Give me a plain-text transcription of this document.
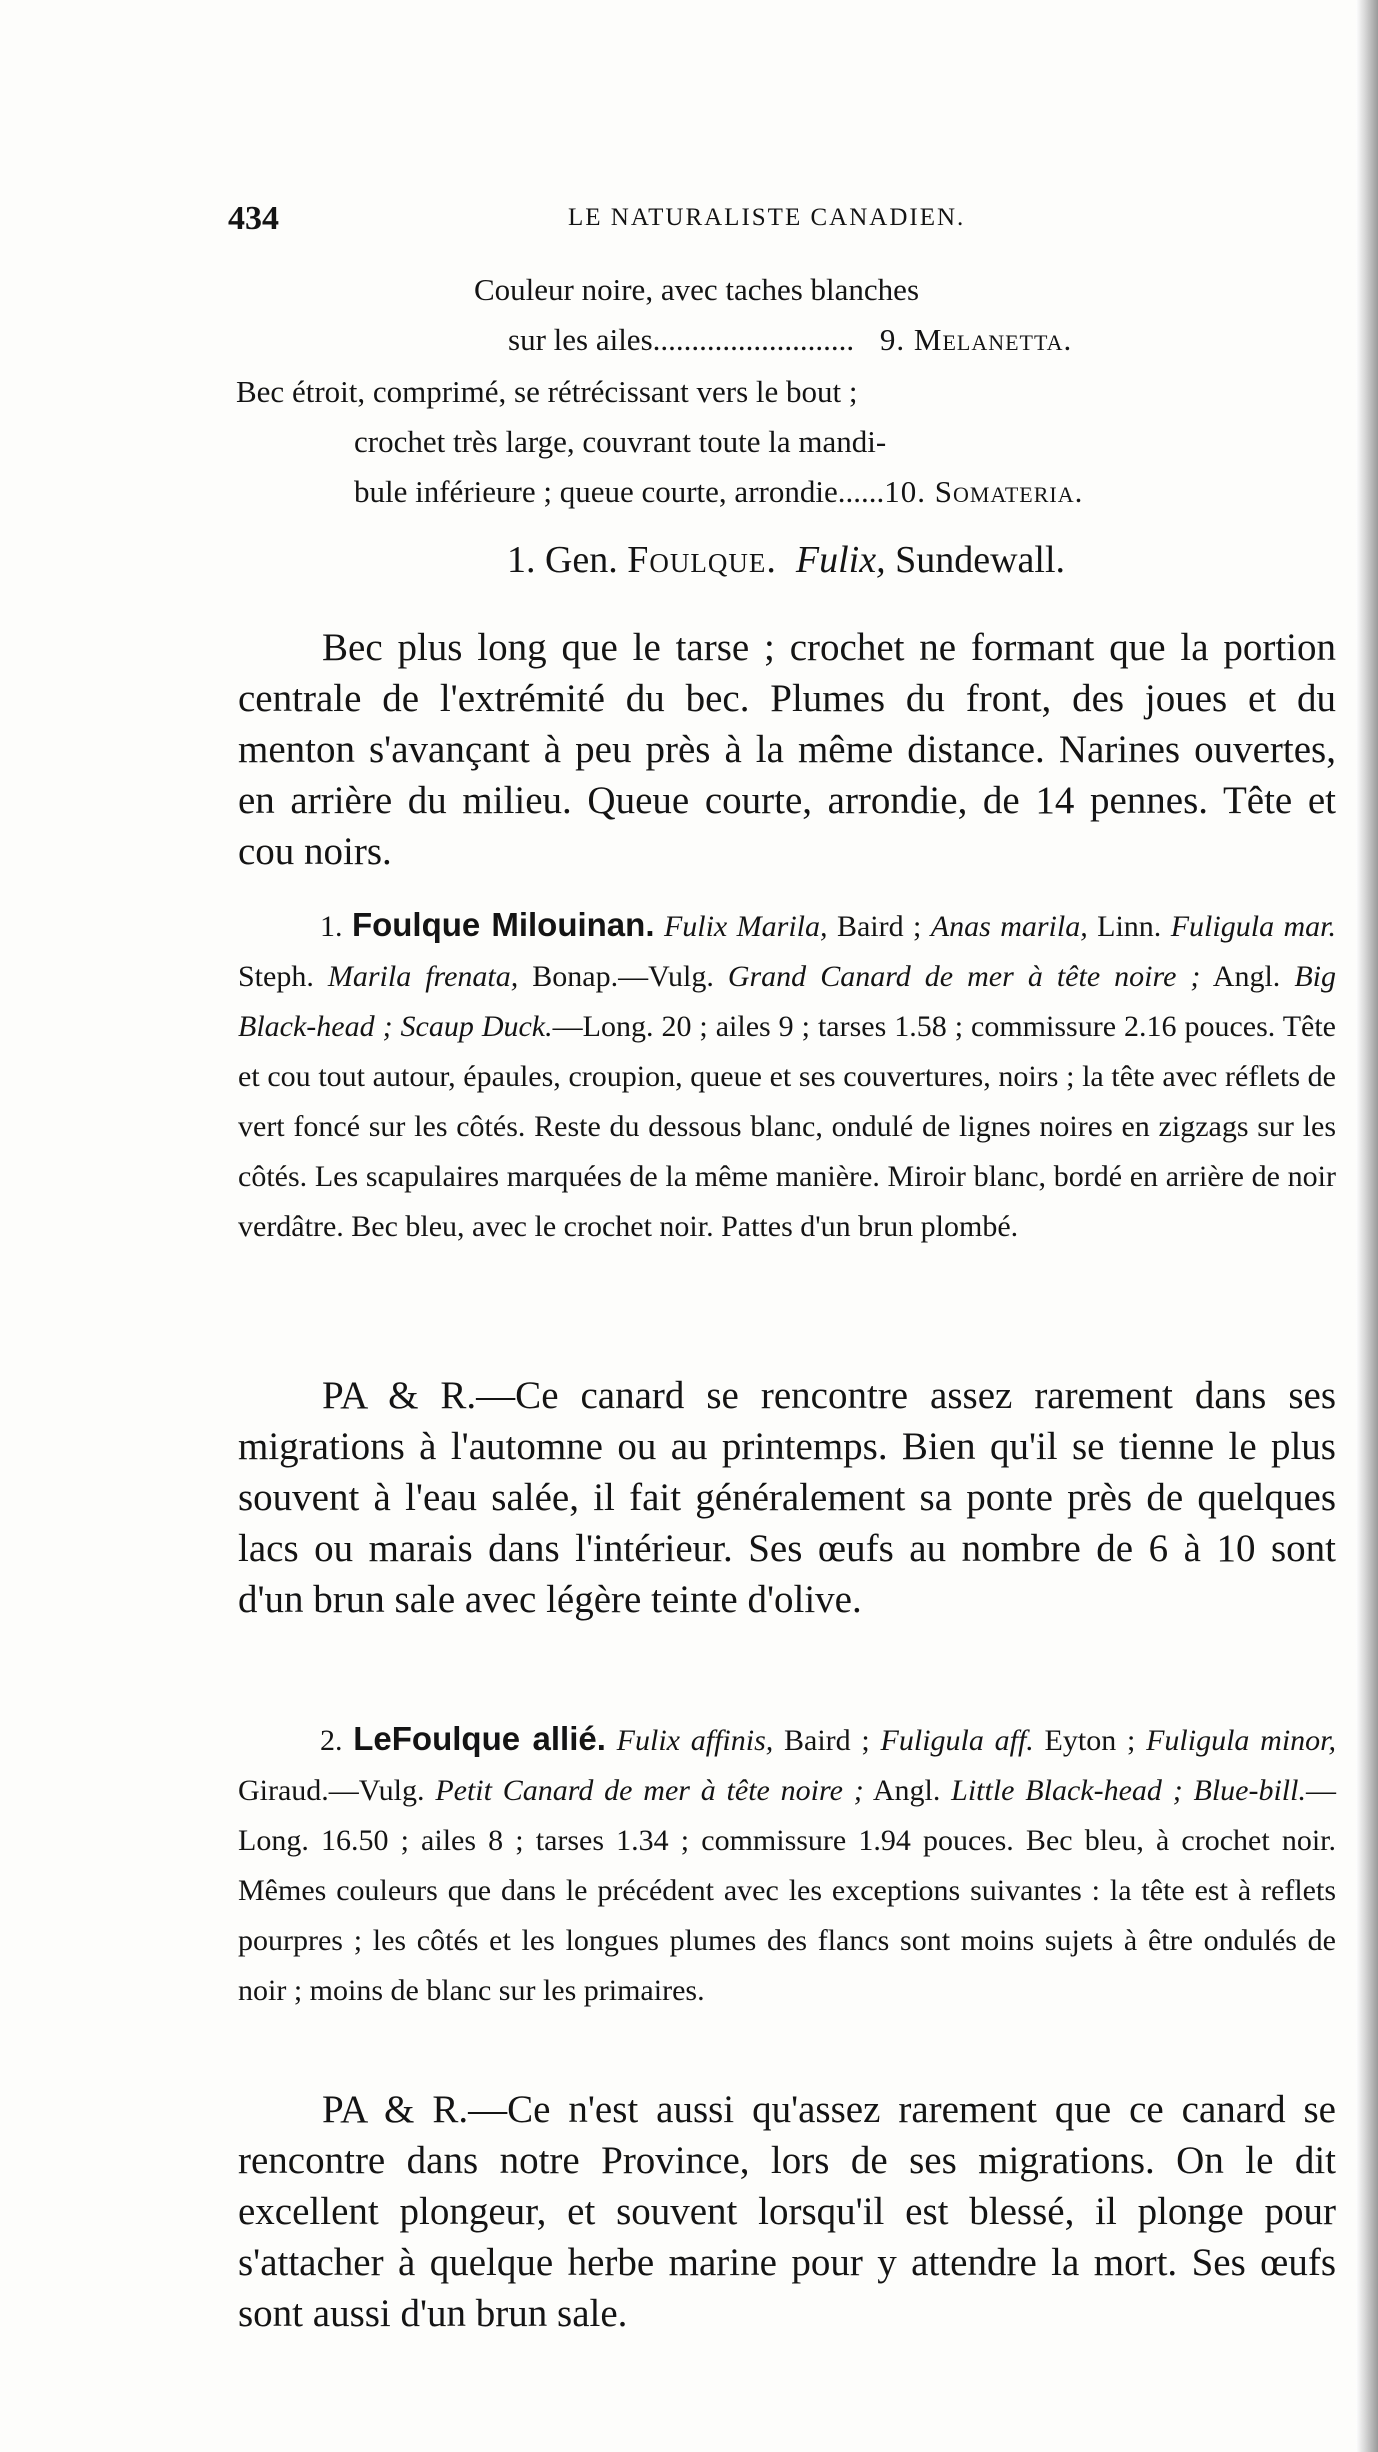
434	LE NATURALISTE CANADIEN.
Couleur noire, avec taches blanches
sur les ailes.......................... 9. Melanetta.
Bec étroit, comprimé, se rétrécissant vers le bout ;
crochet très large, couvrant toute la mandi-
bule inférieure ; queue courte, arrondie......10. Somateria.
1. Gen. Foulque. Fulix, Sundewall.

Bec plus long que le tarse ; crochet ne formant que la portion centrale de l'extrémité du bec. Plumes du front, des joues et du menton s'avançant à peu près à la même distance. Narines ouvertes, en arrière du milieu. Queue courte, arrondie, de 14 pennes. Tête et cou noirs.

1. Foulque Milouinan. Fulix Marila, Baird ; Anas marila, Linn. Fuligula mar. Steph. Marila frenata, Bonap.—Vulg. Grand Canard de mer à tête noire ; Angl. Big Black-head ; Scaup Duck.—Long. 20 ; ailes 9 ; tarses 1.58 ; commissure 2.16 pouces. Tête et cou tout autour, épaules, croupion, queue et ses couvertures, noirs ; la tête avec réflets de vert foncé sur les côtés. Reste du dessous blanc, ondulé de lignes noires en zigzags sur les côtés. Les scapulaires marquées de la même manière. Miroir blanc, bordé en arrière de noir verdâtre. Bec bleu, avec le crochet noir. Pattes d'un brun plombé.

PA & R.—Ce canard se rencontre assez rarement dans ses migrations à l'automne ou au printemps. Bien qu'il se tienne le plus souvent à l'eau salée, il fait généralement sa ponte près de quelques lacs ou marais dans l'intérieur. Ses œufs au nombre de 6 à 10 sont d'un brun sale avec légère teinte d'olive.

2. LeFoulque allié. Fulix affinis, Baird ; Fuligula aff. Eyton ; Fuligula minor, Giraud.—Vulg. Petit Canard de mer à tête noire ; Angl. Little Black-head ; Blue-bill.—Long. 16.50 ; ailes 8 ; tarses 1.34 ; commissure 1.94 pouces. Bec bleu, à crochet noir. Mêmes couleurs que dans le précédent avec les exceptions suivantes : la tête est à reflets pourpres ; les côtés et les longues plumes des flancs sont moins sujets à être ondulés de noir ; moins de blanc sur les primaires.

PA & R.—Ce n'est aussi qu'assez rarement que ce canard se rencontre dans notre Province, lors de ses migrations. On le dit excellent plongeur, et souvent lorsqu'il est blessé, il plonge pour s'attacher à quelque herbe marine pour y attendre la mort. Ses œufs sont aussi d'un brun sale.
